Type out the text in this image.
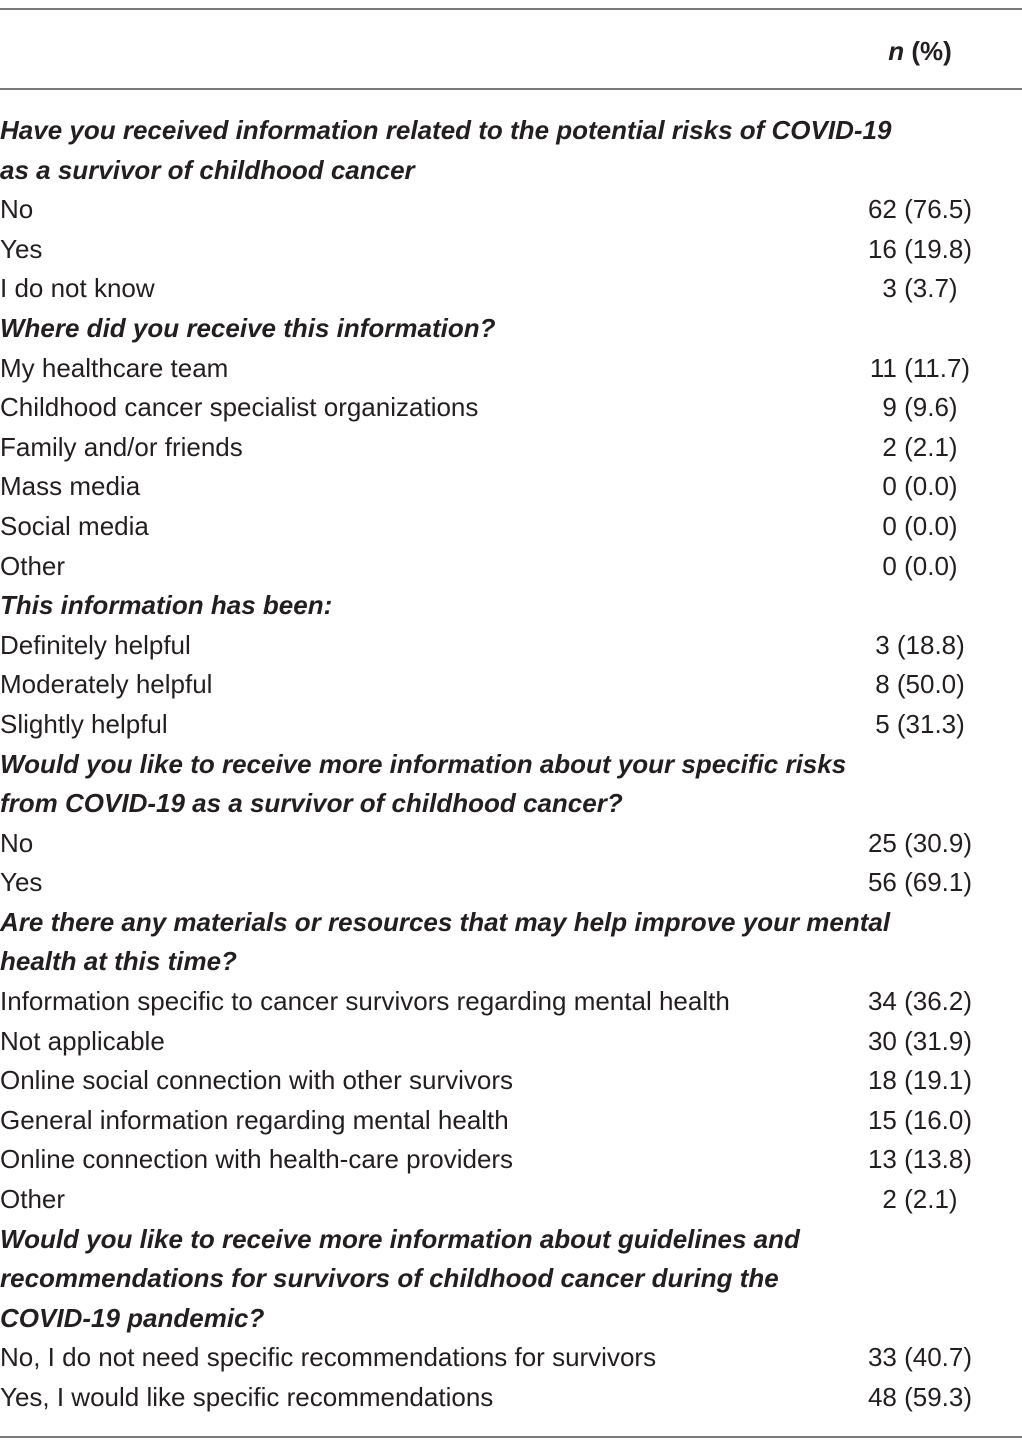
n (%)
Have you received information related to the potential risks of COVID-19
as a survivor of childhood cancer
No	62 (76.5)
Yes	16 (19.8)
I do not know	3 (3.7)
Where did you receive this information?
My healthcare team	11 (11.7)
Childhood cancer specialist organizations	9 (9.6)
Family and/or friends	2 (2.1)
Mass media	0 (0.0)
Social media	0 (0.0)
Other	0 (0.0)
This information has been:
Definitely helpful	3 (18.8)
Moderately helpful	8 (50.0)
Slightly helpful	5 (31.3)
Would you like to receive more information about your specific risks
from COVID-19 as a survivor of childhood cancer?
No	25 (30.9)
Yes	56 (69.1)
Are there any materials or resources that may help improve your mental
health at this time?
Information specific to cancer survivors regarding mental health	34 (36.2)
Not applicable	30 (31.9)
Online social connection with other survivors	18 (19.1)
General information regarding mental health	15 (16.0)
Online connection with health-care providers	13 (13.8)
Other	2 (2.1)
Would you like to receive more information about guidelines and
recommendations for survivors of childhood cancer during the
COVID-19 pandemic?
No, I do not need specific recommendations for survivors	33 (40.7)
Yes, I would like specific recommendations	48 (59.3)
